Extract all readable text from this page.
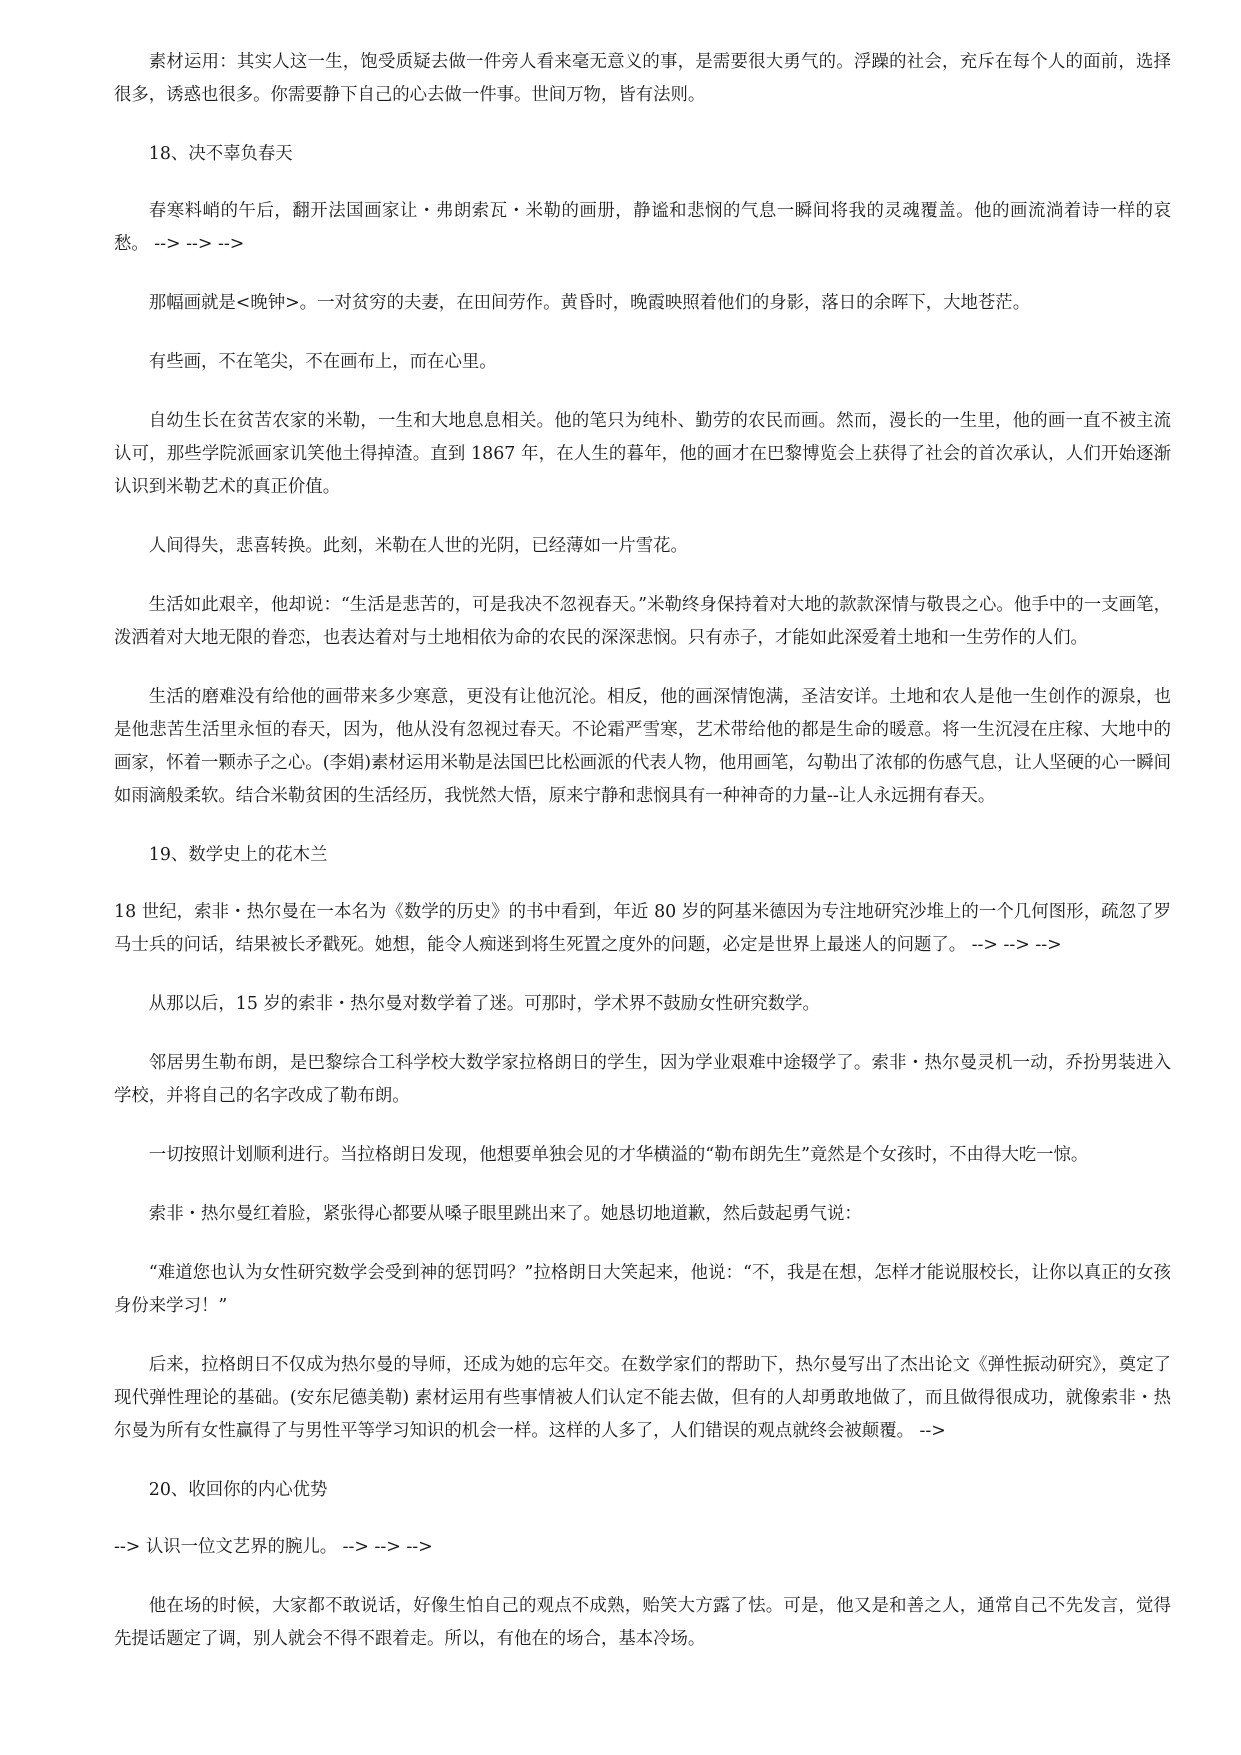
素材运用：其实人这一生，饱受质疑去做一件旁人看来毫无意义的事，是需要很大勇气的。浮躁的社会，充斥在每个人的面前，选择很多，诱惑也很多。你需要静下自己的心去做一件事。世间万物，皆有法则。

18、决不辜负春天

春寒料峭的午后，翻开法国画家让・弗朗索瓦・米勒的画册，静谧和悲悯的气息一瞬间将我的灵魂覆盖。他的画流淌着诗一样的哀愁。 --> --> -->

那幅画就是<晚钟>。一对贫穷的夫妻，在田间劳作。黄昏时，晚霞映照着他们的身影，落日的余晖下，大地苍茫。

有些画，不在笔尖，不在画布上，而在心里。

自幼生长在贫苦农家的米勒，一生和大地息息相关。他的笔只为纯朴、勤劳的农民而画。然而，漫长的一生里，他的画一直不被主流认可，那些学院派画家讥笑他土得掉渣。直到 1867 年，在人生的暮年，他的画才在巴黎博览会上获得了社会的首次承认，人们开始逐渐认识到米勒艺术的真正价值。

人间得失，悲喜转换。此刻，米勒在人世的光阴，已经薄如一片雪花。

生活如此艰辛，他却说：“生活是悲苦的，可是我决不忽视春天。”米勒终身保持着对大地的款款深情与敬畏之心。他手中的一支画笔，泼洒着对大地无限的眷恋，也表达着对与土地相依为命的农民的深深悲悯。只有赤子，才能如此深爱着土地和一生劳作的人们。

生活的磨难没有给他的画带来多少寒意，更没有让他沉沦。相反，他的画深情饱满，圣洁安详。土地和农人是他一生创作的源泉，也是他悲苦生活里永恒的春天，因为，他从没有忽视过春天。不论霜严雪寒，艺术带给他的都是生命的暖意。将一生沉浸在庄稼、大地中的画家，怀着一颗赤子之心。(李娟)素材运用米勒是法国巴比松画派的代表人物，他用画笔，勾勒出了浓郁的伤感气息，让人坚硬的心一瞬间如雨滴般柔软。结合米勒贫困的生活经历，我恍然大悟，原来宁静和悲悯具有一种神奇的力量--让人永远拥有春天。

19、数学史上的花木兰

18 世纪，索非・热尔曼在一本名为《数学的历史》的书中看到，年近 80 岁的阿基米德因为专注地研究沙堆上的一个几何图形，疏忽了罗马士兵的问话，结果被长矛戳死。她想，能令人痴迷到将生死置之度外的问题，必定是世界上最迷人的问题了。 --> --> -->

从那以后，15 岁的索非・热尔曼对数学着了迷。可那时，学术界不鼓励女性研究数学。

邻居男生勒布朗，是巴黎综合工科学校大数学家拉格朗日的学生，因为学业艰难中途辍学了。索非・热尔曼灵机一动，乔扮男装进入学校，并将自己的名字改成了勒布朗。

一切按照计划顺利进行。当拉格朗日发现，他想要单独会见的才华横溢的“勒布朗先生”竟然是个女孩时，不由得大吃一惊。

索非・热尔曼红着脸，紧张得心都要从嗓子眼里跳出来了。她恳切地道歉，然后鼓起勇气说：

“难道您也认为女性研究数学会受到神的惩罚吗？”拉格朗日大笑起来，他说：“不，我是在想，怎样才能说服校长，让你以真正的女孩身份来学习！”

后来，拉格朗日不仅成为热尔曼的导师，还成为她的忘年交。在数学家们的帮助下，热尔曼写出了杰出论文《弹性振动研究》，奠定了现代弹性理论的基础。(安东尼德美勒) 素材运用有些事情被人们认定不能去做，但有的人却勇敢地做了，而且做得很成功，就像索非・热尔曼为所有女性赢得了与男性平等学习知识的机会一样。这样的人多了，人们错误的观点就终会被颠覆。 -->

20、收回你的内心优势

--> 认识一位文艺界的腕儿。 --> --> -->

他在场的时候，大家都不敢说话，好像生怕自己的观点不成熟，贻笑大方露了怯。可是，他又是和善之人，通常自己不先发言，觉得先提话题定了调，别人就会不得不跟着走。所以，有他在的场合，基本冷场。
